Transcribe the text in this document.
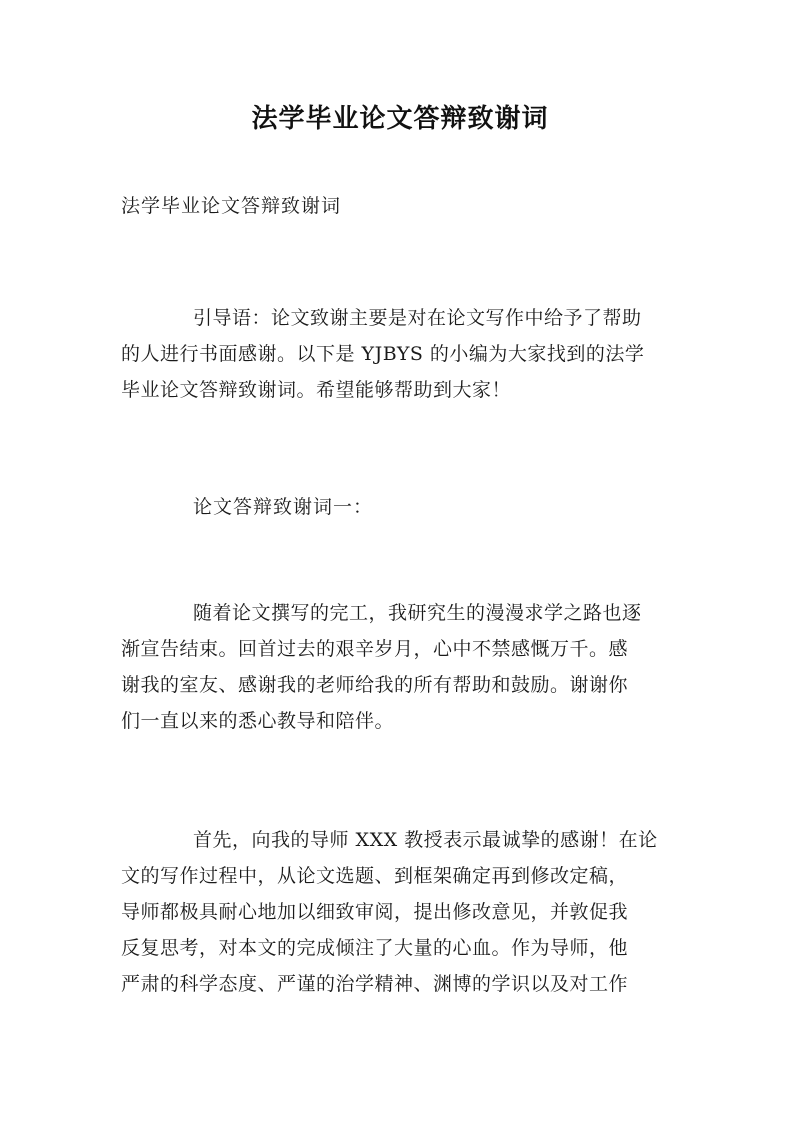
法学毕业论文答辩致谢词
法学毕业论文答辩致谢词
引导语：论文致谢主要是对在论文写作中给予了帮助
的人进行书面感谢。以下是 YJBYS 的小编为大家找到的法学
毕业论文答辩致谢词。希望能够帮助到大家！
论文答辩致谢词一：
随着论文撰写的完工，我研究生的漫漫求学之路也逐
渐宣告结束。回首过去的艰辛岁月，心中不禁感慨万千。感
谢我的室友、感谢我的老师给我的所有帮助和鼓励。谢谢你
们一直以来的悉心教导和陪伴。
首先，向我的导师 XXX 教授表示最诚挚的感谢！在论
文的写作过程中，从论文选题、到框架确定再到修改定稿，
导师都极具耐心地加以细致审阅，提出修改意见，并敦促我
反复思考，对本文的完成倾注了大量的心血。作为导师，他
严肃的科学态度、严谨的治学精神、渊博的学识以及对工作
